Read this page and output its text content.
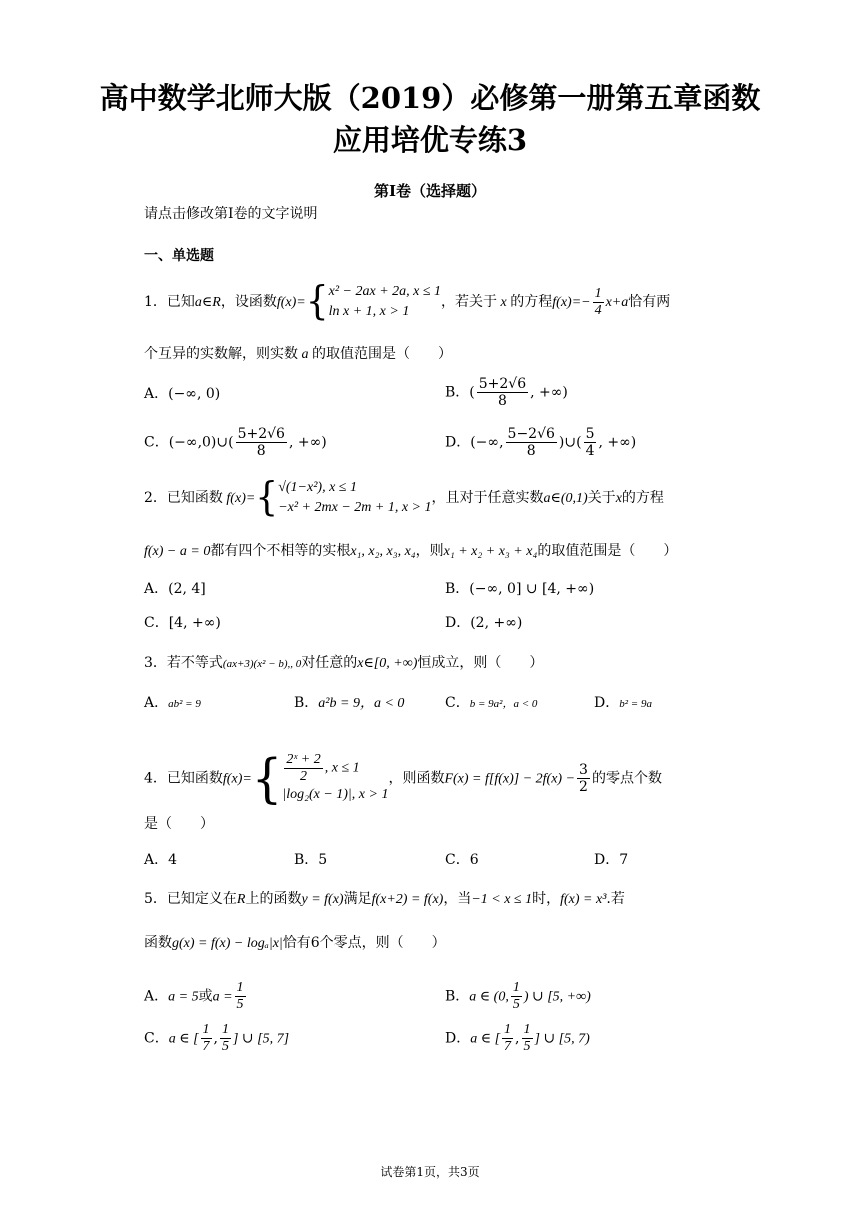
高中数学北师大版（2019）必修第一册第五章函数
应用培优专练3
第I卷（选择题）
请点击修改第I卷的文字说明
一、单选题
1．已知a∈R，设函数f(x)={ x² − 2ax + 2a, x ≤ 1
ln x + 1, x > 1
，若关于 x 的方程$f(x)=- \frac{1}{4} x+a$恰有两
个互异的实数解，则实数 a 的取值范围是（　　）
A．(−∞, 0)	B．( $\frac{5+2√6}{8}$ , +∞)
C．(−∞,0)∪( $\frac{5+2√6}{8}$ , +∞)	D．(−∞, $\frac{5-2√6}{8}$ )∪( $\frac{5}{4}$ , +∞)
2．已知函数 f(x)={ √(1−x²), x ≤ 1
−x² + 2mx − 2m + 1, x > 1
，且对于任意实数a∈(0,1)关于x的方程
f(x) − a = 0都有四个不相等的实根x₁, x₂, x₃, x₄，则x₁ + x₂ + x₃ + x₄的取值范围是（　　）
A．(2, 4]	B．(−∞, 0] ∪ [4, +∞)
C．[4, +∞)	D．(2, +∞)
3．若不等式(ax+3)(x² − b),, 0对任意的x∈[0, +∞)恒成立，则（　　）
A．ab² = 9	B．a²b = 9，a < 0	C．b = 9a²，a < 0	D．b² = 9a
4．已知函数$f(x)=\{ \frac{\text{2ˣ + 2}}{2}$ , x ≤ 1
|log₂(x − 1)|, x > 1
，则函数$F(x) = f[f(x)] - 2f(x) - \frac{3}{2}$ 的零点个数
是（　　）
A．4	B．5	C．6	D．7
5．已知定义在R上的函数y = f(x)满足f(x+2) = f(x)，当−1 < x ≤ 1时，f(x) = x³.若
函数g(x) = f(x) − logₐ|x|恰有6个零点，则（　　）
A．a = 5或$a = \frac{1}{5}$	B．a ∈ (0, $\frac{1}{5}$ ) ∪ [5, +∞)
C．a ∈ [ $\frac{1}{7}$ , $\frac{1}{5}$ ] ∪ [5, 7]	D．a ∈ [ $\frac{1}{7}$ , $\frac{1}{5}$ ] ∪ [5, 7)
试卷第1页，共3页
